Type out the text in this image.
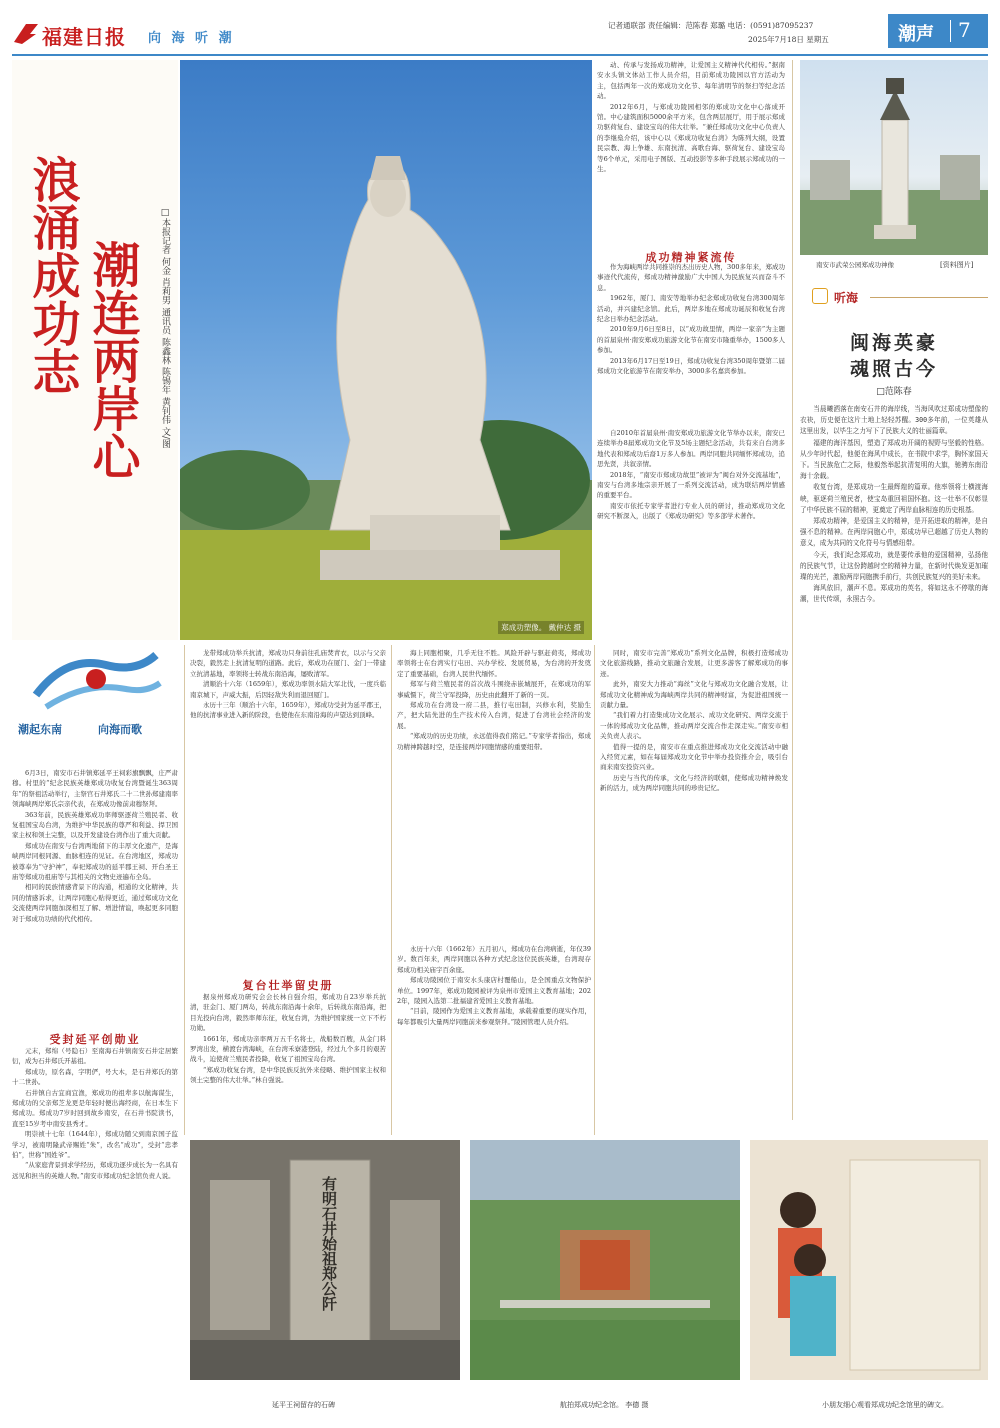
福建日报 向 海 听 潮
记者通联部 责任编辑：范陈春 郑璐 电话：(0591)87095237
2025年7月18日 星期五	潮声 7
潮连两岸心
浪涌成功志	□本报记者 何金 肖莉男 通讯员 陈鑫林 陈锡年 黄钊伟 文/图
郑成功塑像。 戴仲达 摄

动、传承与发扬成功精神，让爱国主义精神代代相传。”据南安水头镇文体站工作人员介绍，目前郑成功陵园以官方活动为主，包括两年一次的郑成功文化节、每年清明节的祭扫等纪念活动。

2012年6月，与郑成功陵园相邻的郑成功文化中心落成开馆。中心建筑面积5000余平方米，包含两层展厅，用于展示郑成功驱荷复台、建设宝岛的伟大壮举。“兼任郑成功文化中心负责人的李继燊介绍，该中心以《郑成功收复台湾》为陈列大纲，设置民宗教、海上争雄、东南抗清、高歌台海、驱荷复台、建设宝岛等6个单元，采用电子图版、互动投影等多种手段展示郑成功的一生。

成功精神紧流传

作为海峡两岸共同推崇的杰出历史人物，300多年来，郑成功事迹代代流传，郑成功精神激励广大中国人为民族复兴而奋斗不息。

1962年，厦门、南安等地举办纪念郑成功收复台湾300周年活动，并兴建纪念馆。此后，两岸多地在郑成功诞辰和收复台湾纪念日举办纪念活动。

2010年9月6日至8日，以“成功故里情，两岸一家亲”为主题的首届泉州·南安郑成功旅游文化节在南安市隆重举办，1500多人参加。

2013年6月17日至19日，郑成功收复台湾350周年暨第二届郑成功文化旅游节在南安举办，3000多名嘉宾参加。

自2010年首届泉州·南安郑成功旅游文化节举办以来，南安已连续举办8届郑成功文化节及5场主题纪念活动，共有来自台湾多地代表和郑成功后裔1万多人参加。两岸同胞共同缅怀郑成功，追思先贤，共叙亲情。

2018年，“南安市郑成功故里”被评为“闽台对外交流基地”，南安与台湾多地宗亲开展了一系列交流活动，成为联结两岸情感的重要平台。

南安市依托专家学者进行专业人员的研讨，推动郑成功文化研究不断深入，出版了《郑成功研究》等多部学术著作。

南安市武荣公园郑成功神像	[资料图片]
听海
闽海英豪
魂照古今
□范陈春

当晨曦洒落在南安石井的海岸线，当海风吹过郑成功塑像的衣袂，历史便在这片土地上轻轻苏醒。300多年前，一位英雄从这里出发，以毕生之力写下了民族大义的壮丽篇章。

福建的海洋基因，塑造了郑成功开阔的视野与坚毅的性格。从少年时代起，他便在海风中成长，在书院中求学，胸怀家国天下。当民族危亡之际，他毅然举起抗清复明的大旗，驰骋东南沿海十余载。

收复台湾，是郑成功一生最辉煌的篇章。他率领将士横渡海峡，驱逐荷兰殖民者，使宝岛重回祖国怀抱。这一壮举不仅彰显了中华民族不屈的精神，更奠定了两岸血脉相连的历史根基。

郑成功精神，是爱国主义的精神，是开拓进取的精神，是自强不息的精神。在两岸同胞心中，郑成功早已超越了历史人物的意义，成为共同的文化符号与情感纽带。

今天，我们纪念郑成功，就是要传承他的爱国精神，弘扬他的民族气节，让这份跨越时空的精神力量，在新时代焕发更加璀璨的光芒，激励两岸同胞携手前行，共创民族复兴的美好未来。

海风依旧，潮声不息。郑成功的英名，将如这永不停歇的海潮，世代传颂，永照古今。

潮起东南	向海而歌

6月3日，南安市石井镇郑延平王祠彩旗飘飘，庄严肃穆。村里的“纪念民族英雄郑成功收复台湾暨诞生363周年”的祭祖活动举行，主祭官石井郑氏二十二世孙郑建南率领海峡两岸郑氏宗亲代表，在郑成功像前肃穆祭拜。

363年前，民族英雄郑成功率师驱逐荷兰殖民者、收复祖国宝岛台湾，为维护中华民族的尊严和利益、捍卫国家主权和领土完整，以及开发建设台湾作出了重大贡献。

郑成功在南安与台湾两地留下的丰厚文化遗产，是海峡两岸同根同源、血脉相连的见证。在台湾地区，郑成功被尊奉为“守护神”，奉祀郑成功的延平郡王祠、开台圣王庙等郑成功祖庙等与其相关的文物史迹遍布全岛。

相同的民族情感背景下的沟通，相通的文化精神，共同的情感诉求，让两岸同胞心贴得更近，通过郑成功文化交流使两岸同胞加深相互了解、增进情谊，唤起更多同胞对于郑成功功绩的代代相传。

受封延平创勋业

元末，郑绵（号隐石）至南海石井镇南安石井定居繁衍，成为石井郑氏开基祖。

郑成功，原名森，字明俨，号大木，是石井郑氏的第十二世孙。

石井镇自古宜商宜渔，郑成功的祖辈多以航海谋生，郑成功的父亲郑芝龙更是年轻时便出海经商，在日本生下郑成功。郑成功7岁时回到故乡南安，在石井书院读书，直至15岁考中南安县秀才。

明崇祯十七年（1644年），郑成功随父到南京国子监学习，被南明隆武帝赐姓“朱”，改名“成功”，受封“忠孝伯”，世称“国姓爷”。

“从家庭背景到求学经历，郑成功逐步成长为一名具有远见和担当的英雄人物。”南安市郑成功纪念馆负责人说。

龙带郑成功举兵抗清，郑成功只身前往孔庙焚青衣，以示与父亲决裂，毅然走上抗清复明的道路。此后，郑成功在厦门、金门一带建立抗清基地，率领将士转战东南沿海，屡败清军。

清顺治十六年（1659年），郑成功率领水陆大军北伐，一度兵临南京城下，声威大振，后因轻敌失利而退回厦门。

永历十三年（顺治十六年，1659年），郑成功受封为延平郡王，他的抗清事业进入新的阶段，也使他在东南沿海的声望达到顶峰。

复台壮举留史册

据泉州郑成功研究会会长林自强介绍，郑成功自23岁举兵抗清，驻金门、厦门两岛，转战东南沿海十余年，后转战东南沿海，把目光投向台湾，毅然率师东征，收复台湾，为维护国家统一立下不朽功勋。

1661年，郑成功亲率两万五千名将士，战船数百艘，从金门料罗湾出发，横渡台湾海峡，在台湾禾寮港登陆，经过九个多月的艰苦战斗，迫使荷兰殖民者投降，收复了祖国宝岛台湾。

“郑成功收复台湾，是中华民族反抗外来侵略、维护国家主权和领土完整的伟大壮举。”林自强说。

海上同胞相聚，几乎无往不胜。风险开辟与驱赶荷夷，郑成功率领将士在台湾实行屯田、兴办学校、发展贸易，为台湾的开发奠定了重要基础，台湾人民世代缅怀。

郑军与荷兰殖民者的首次战斗围绕赤嵌城展开，在郑成功的军事威慑下，荷兰守军投降，历史由此翻开了新的一页。

郑成功在台湾设一府二县，推行屯田制，兴修水利，奖励生产，把大陆先进的生产技术传入台湾，促进了台湾社会经济的发展。

“郑成功的历史功绩，永远值得我们铭记。”专家学者指出，郑成功精神跨越时空，是连接两岸同胞情感的重要纽带。

永历十六年（1662年）五月初八，郑成功在台湾病逝，年仅39岁。数百年来，两岸同胞以各种方式纪念这位民族英雄，台湾现存郑成功相关庙宇百余座。

郑成功陵园位于南安水头康店村覆船山，是全国重点文物保护单位。1997年，郑成功陵园被评为泉州市爱国主义教育基地；2022年，陵园入选第二批福建省爱国主义教育基地。

“目前，陵园作为爱国主义教育基地，承载着重要的现实作用，每年都吸引大量两岸同胞前来参观祭拜。”陵园管理人员介绍。

同时，南安市完善“郑成功”系列文化品牌，积极打造郑成功文化旅游线路，推动文旅融合发展，让更多游客了解郑成功的事迹。

此外，南安大力推动“海丝”文化与郑成功文化融合发展，让郑成功文化精神成为海峡两岸共同的精神财富，为促进祖国统一贡献力量。

“我们着力打造集成功文化展示、成功文化研究、两岸交流于一体的郑成功文化品牌，推动两岸交流合作走深走实。”南安市相关负责人表示。

值得一提的是，南安市在重点推进郑成功文化交流活动中融入经贸元素，如在每届郑成功文化节中举办投资推介会，吸引台商来南安投资兴业。

历史与当代的传承，文化与经济的联姻，使郑成功精神焕发新的活力，成为两岸同胞共同的珍贵记忆。

有明石井始祖郑公阡
延平王祠留存的石碑	航拍郑成功纪念馆。 李德 摄	小朋友细心观看郑成功纪念馆里的碑文。
